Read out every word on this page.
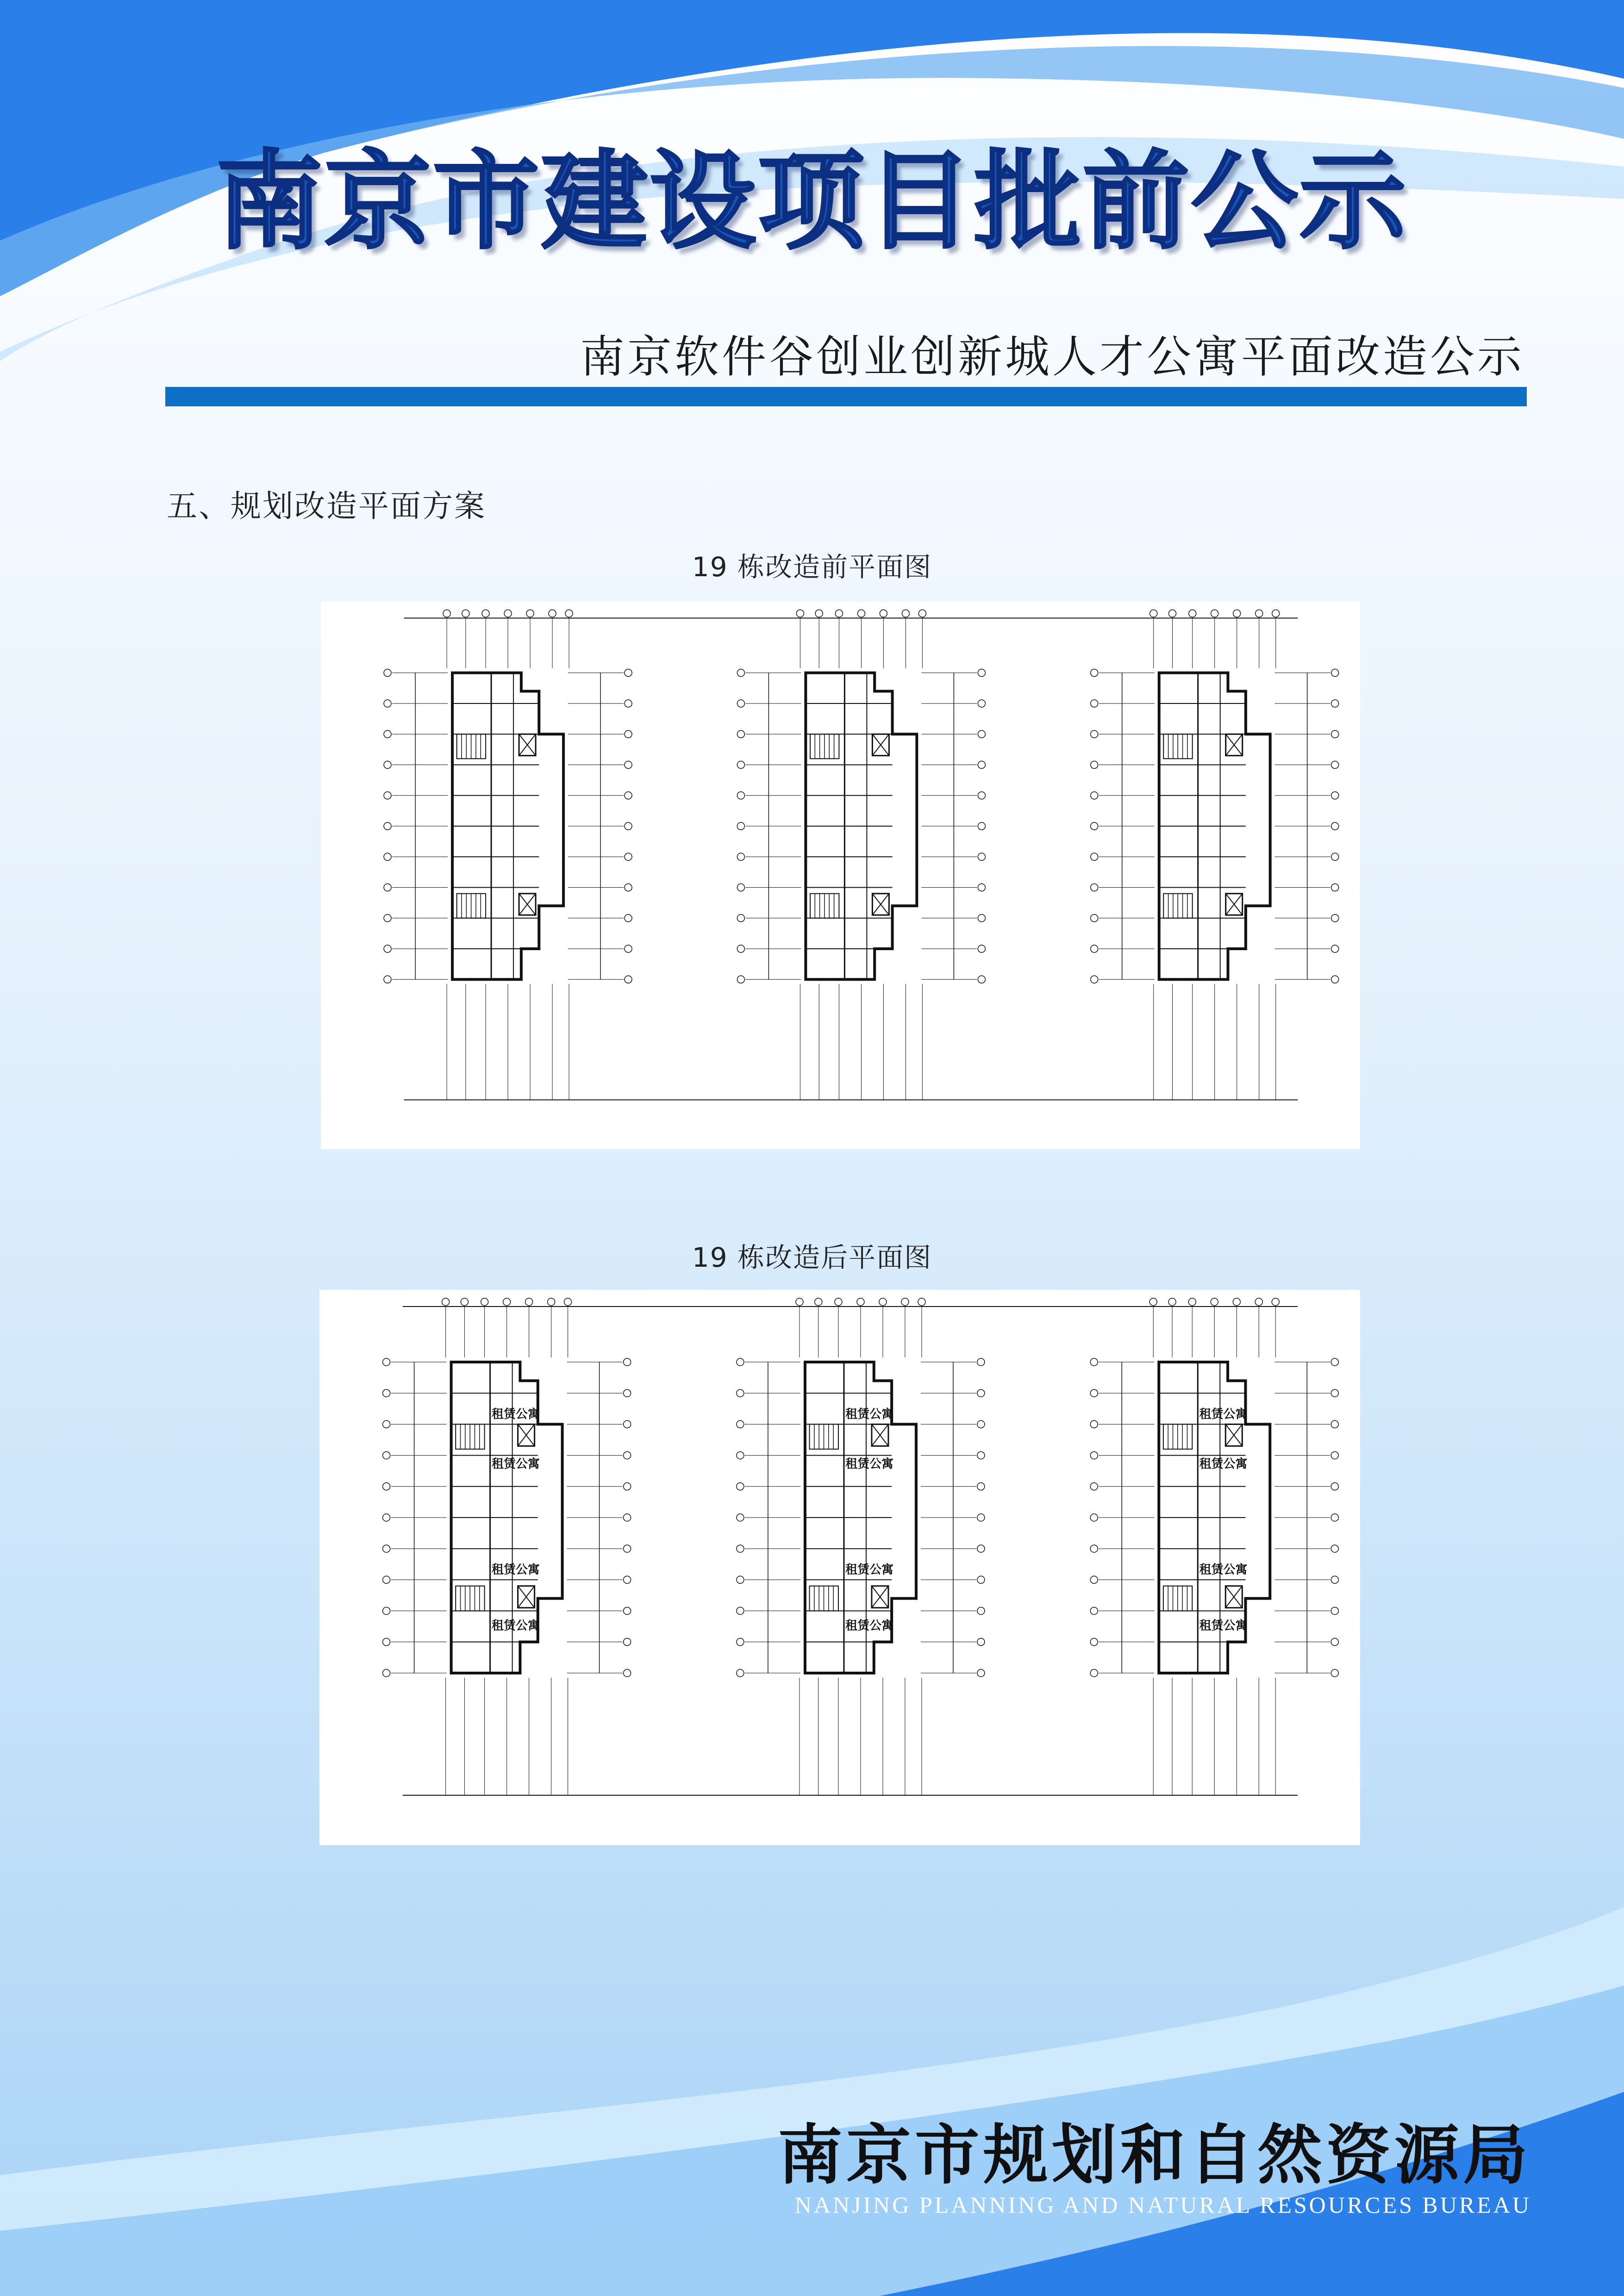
南京市建设项目批前公示
南京软件谷创业创新城人才公寓平面改造公示
五、规划改造平面方案
19 栋改造前平面图
19 栋改造后平面图
租赁公寓
租赁公寓
租赁公寓
租赁公寓
租赁公寓
租赁公寓
租赁公寓
租赁公寓
租赁公寓
租赁公寓
租赁公寓
租赁公寓
南京市规划和自然资源局
NANJING PLANNING AND NATURAL RESOURCES BUREAU
